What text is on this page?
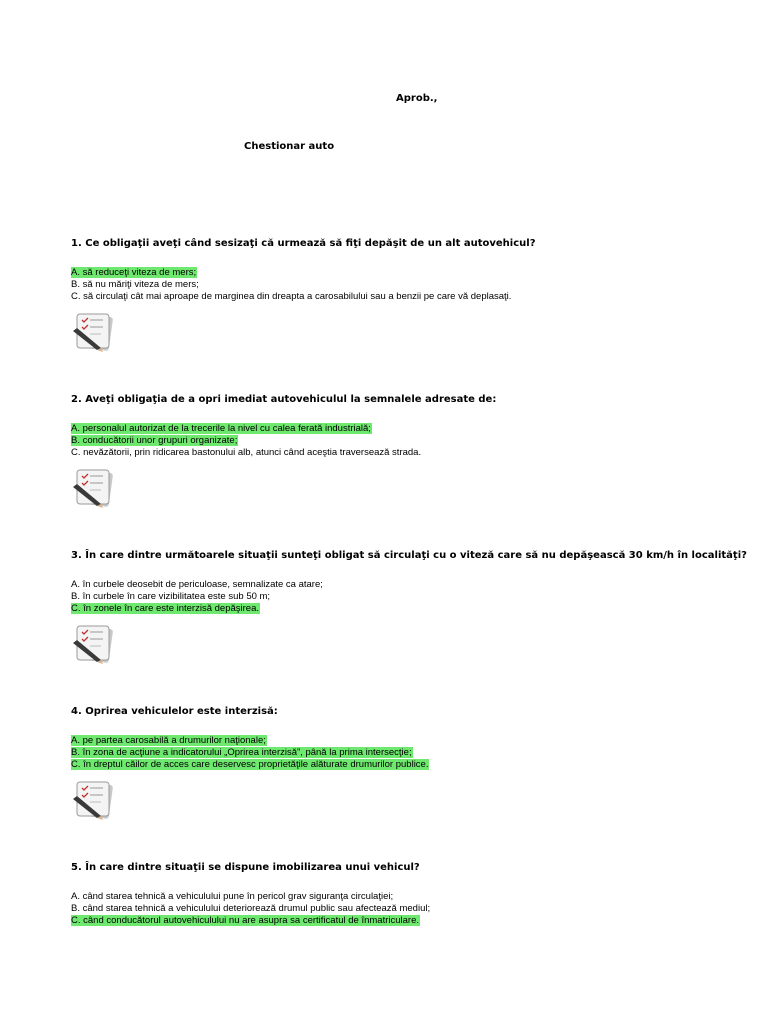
Aprob.,
Chestionar auto
1. Ce obligaţii aveţi când sesizaţi că urmează să fiţi depăşit de un alt autovehicul?
A. să reduceţi viteza de mers;
B. să nu măriţi viteza de mers;
C. să circulaţi cât mai aproape de marginea din dreapta a carosabilului sau a benzii pe care vă deplasaţi.
2. Aveţi obligaţia de a opri imediat autovehiculul la semnalele adresate de:
A. personalul autorizat de la trecerile la nivel cu calea ferată industrială;
B. conducătorii unor grupuri organizate;
C. nevăzătorii, prin ridicarea bastonului alb, atunci când aceştia traversează strada.
3. În care dintre următoarele situaţii sunteţi obligat să circulaţi cu o viteză care să nu depăşească 30 km/h în localităţi?
A. în curbele deosebit de periculoase, semnalizate ca atare;
B. în curbele în care vizibilitatea este sub 50 m;
C. în zonele în care este interzisă depăşirea.
4. Oprirea vehiculelor este interzisă:
A. pe partea carosabilă a drumurilor naţionale;
B. în zona de acţiune a indicatorului „Oprirea interzisă”, până la prima intersecţie;
C. în dreptul căilor de acces care deservesc proprietăţile alăturate drumurilor publice.
5. În care dintre situaţii se dispune imobilizarea unui vehicul?
A. când starea tehnică a vehiculului pune în pericol grav siguranţa circulaţiei;
B. când starea tehnică a vehiculului deteriorează drumul public sau afectează mediul;
C. când conducătorul autovehiculului nu are asupra sa certificatul de înmatriculare.
